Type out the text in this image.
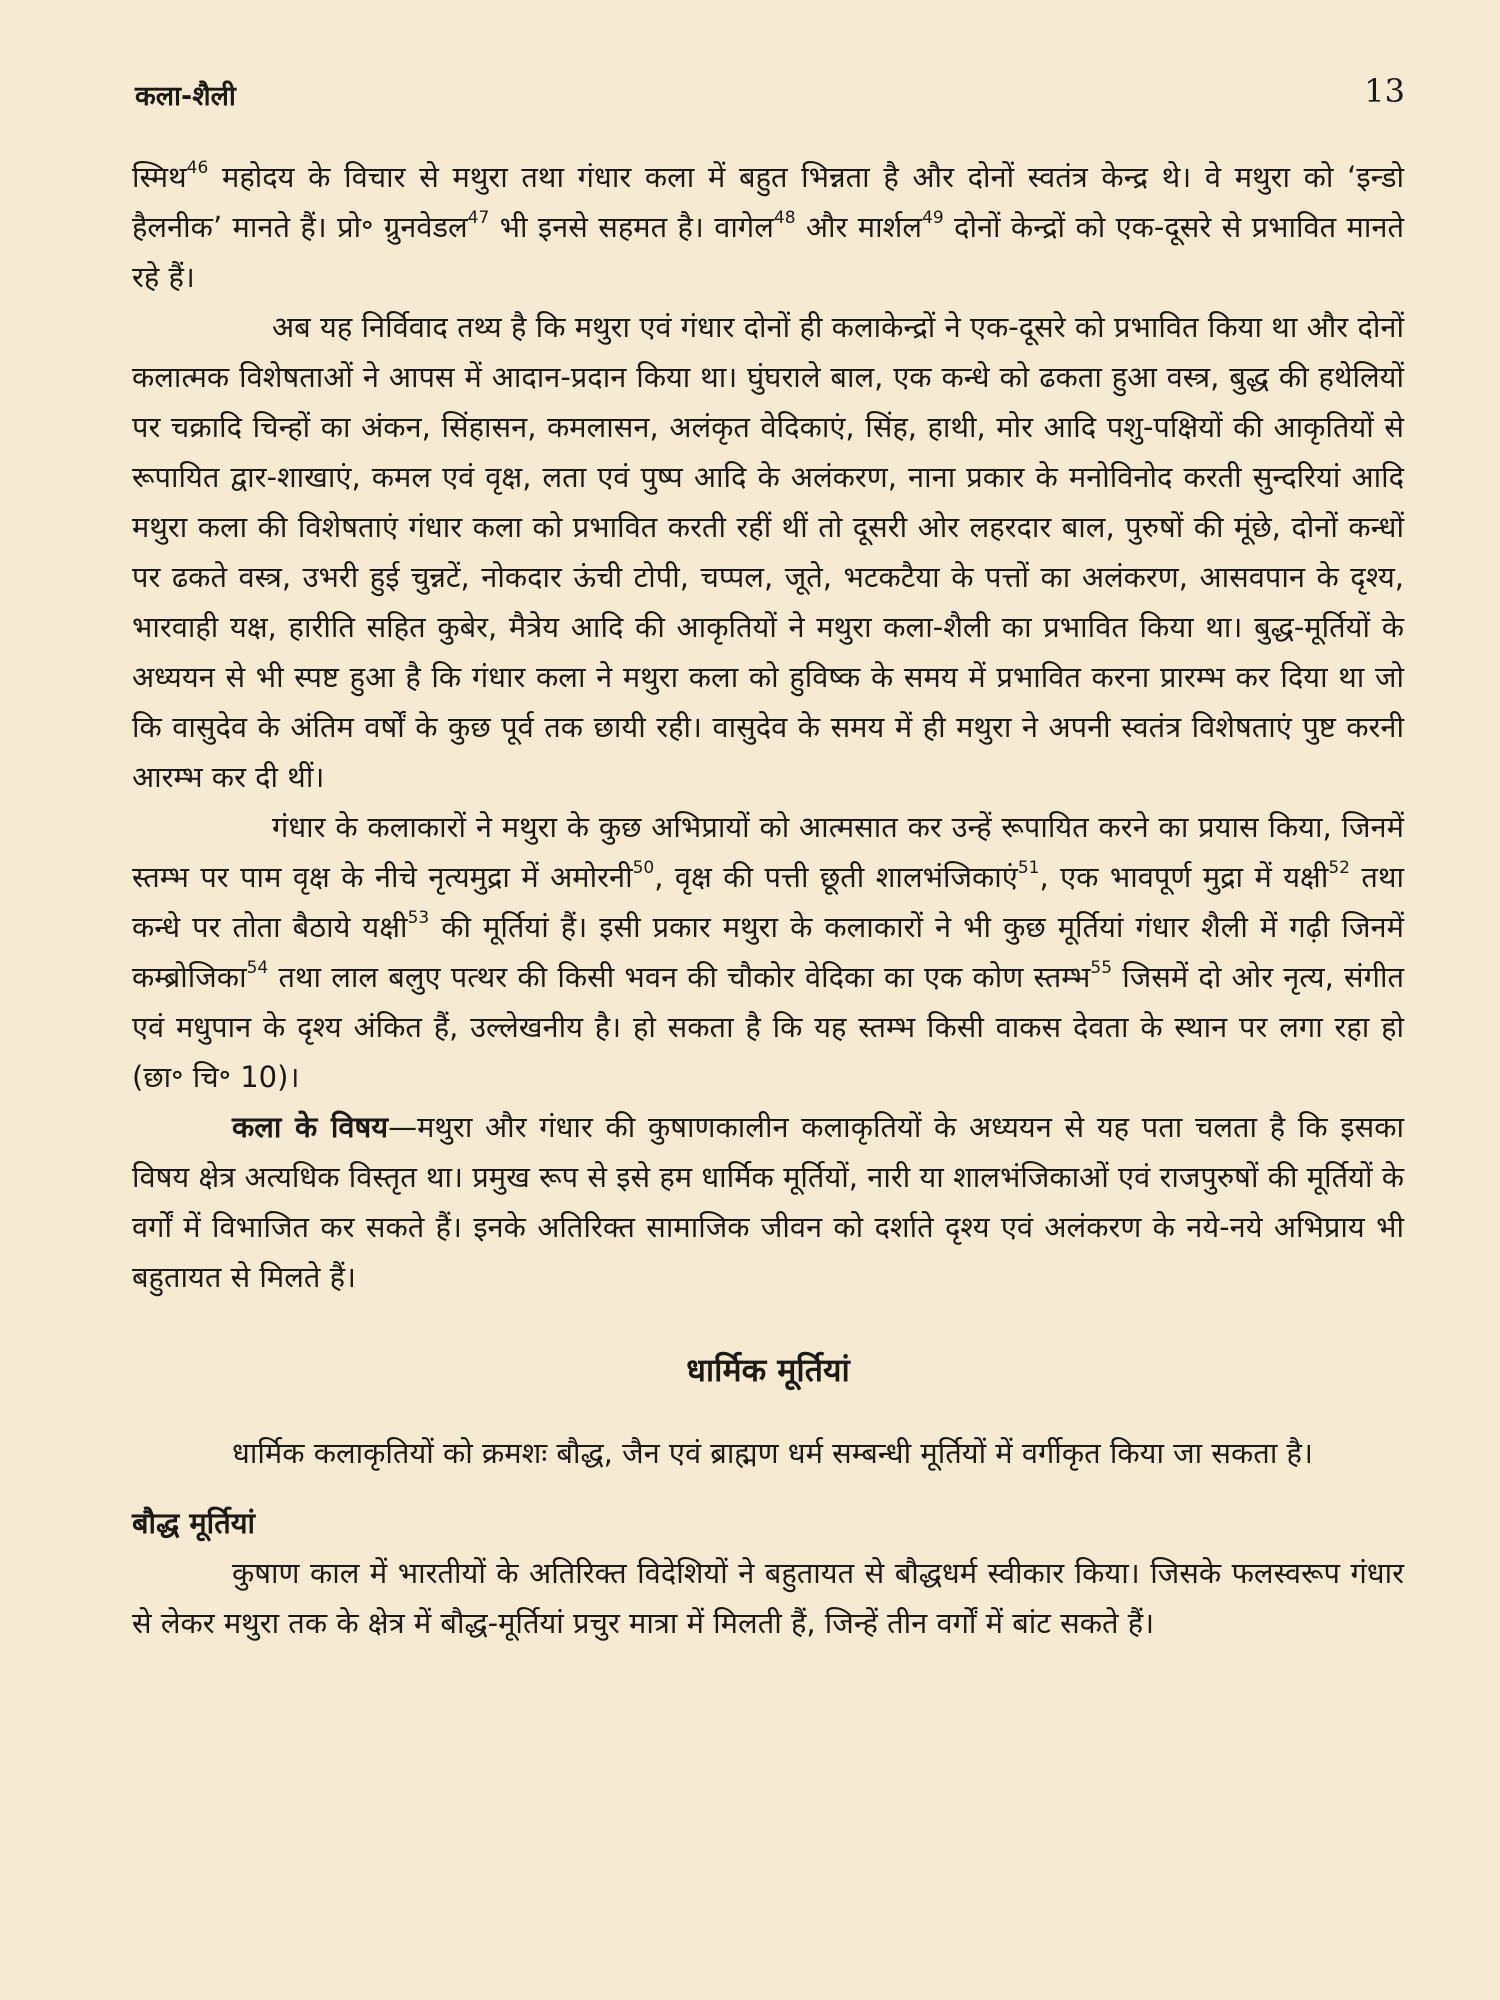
कला-शैली	13

स्मिथ$^{46}$ महोदय के विचार से मथुरा तथा गंधार कला में बहुत भिन्नता है और दोनों स्वतंत्र केन्द्र थे। वे मथुरा को ‘इन्डो हैलनीक’ मानते हैं। प्रो॰ ग्रुनवेडल$^{47}$ भी इनसे सहमत है। वागेल$^{48}$ और मार्शल$^{49}$ दोनों केन्द्रों को एक-दूसरे से प्रभावित मानते रहे हैं।

अब यह निर्विवाद तथ्य है कि मथुरा एवं गंधार दोनों ही कलाकेन्द्रों ने एक-दूसरे को प्रभावित किया था और दोनों कलात्मक विशेषताओं ने आपस में आदान-प्रदान किया था। घुंघराले बाल, एक कन्धे को ढकता हुआ वस्त्र, बुद्ध की हथेलियों पर चक्रादि चिन्हों का अंकन, सिंहासन, कमलासन, अलंकृत वेदिकाएं, सिंह, हाथी, मोर आदि पशु-पक्षियों की आकृतियों से रूपायित द्वार-शाखाएं, कमल एवं वृक्ष, लता एवं पुष्प आदि के अलंकरण, नाना प्रकार के मनोविनोद करती सुन्दरियां आदि मथुरा कला की विशेषताएं गंधार कला को प्रभावित करती रहीं थीं तो दूसरी ओर लहरदार बाल, पुरुषों की मूंछे, दोनों कन्धों पर ढकते वस्त्र, उभरी हुई चुन्नटें, नोकदार ऊंची टोपी, चप्पल, जूते, भटकटैया के पत्तों का अलंकरण, आसवपान के दृश्य, भारवाही यक्ष, हारीति सहित कुबेर, मैत्रेय आदि की आकृतियों ने मथुरा कला-शैली का प्रभावित किया था। बुद्ध-मूर्तियों के अध्ययन से भी स्पष्ट हुआ है कि गंधार कला ने मथुरा कला को हुविष्क के समय में प्रभावित करना प्रारम्भ कर दिया था जो कि वासुदेव के अंतिम वर्षों के कुछ पूर्व तक छायी रही। वासुदेव के समय में ही मथुरा ने अपनी स्वतंत्र विशेषताएं पुष्ट करनी आरम्भ कर दी थीं।

गंधार के कलाकारों ने मथुरा के कुछ अभिप्रायों को आत्मसात कर उन्हें रूपायित करने का प्रयास किया, जिनमें स्तम्भ पर पाम वृक्ष के नीचे नृत्यमुद्रा में अमोरनी$^{50}$, वृक्ष की पत्ती छूती शालभंजिकाएं$^{51}$, एक भावपूर्ण मुद्रा में यक्षी$^{52}$ तथा कन्धे पर तोता बैठाये यक्षी$^{53}$ की मूर्तियां हैं। इसी प्रकार मथुरा के कलाकारों ने भी कुछ मूर्तियां गंधार शैली में गढ़ी जिनमें कम्ब्रोजिका$^{54}$ तथा लाल बलुए पत्थर की किसी भवन की चौकोर वेदिका का एक कोण स्तम्भ$^{55}$ जिसमें दो ओर नृत्य, संगीत एवं मधुपान के दृश्य अंकित हैं, उल्लेखनीय है। हो सकता है कि यह स्तम्भ किसी वाकस देवता के स्थान पर लगा रहा हो (छा॰ चि॰ 10)।

कला के विषय—मथुरा और गंधार की कुषाणकालीन कलाकृतियों के अध्ययन से यह पता चलता है कि इसका विषय क्षेत्र अत्यधिक विस्तृत था। प्रमुख रूप से इसे हम धार्मिक मूर्तियों, नारी या शालभंजिकाओं एवं राजपुरुषों की मूर्तियों के वर्गों में विभाजित कर सकते हैं। इनके अतिरिक्त सामाजिक जीवन को दर्शाते दृश्य एवं अलंकरण के नये-नये अभिप्राय भी बहुतायत से मिलते हैं।

धार्मिक मूर्तियां

धार्मिक कलाकृतियों को क्रमशः बौद्ध, जैन एवं ब्राह्मण धर्म सम्बन्धी मूर्तियों में वर्गीकृत किया जा सकता है।

बौद्ध मूर्तियां

कुषाण काल में भारतीयों के अतिरिक्त विदेशियों ने बहुतायत से बौद्धधर्म स्वीकार किया। जिसके फलस्वरूप गंधार से लेकर मथुरा तक के क्षेत्र में बौद्ध-मूर्तियां प्रचुर मात्रा में मिलती हैं, जिन्हें तीन वर्गों में बांट सकते हैं।
